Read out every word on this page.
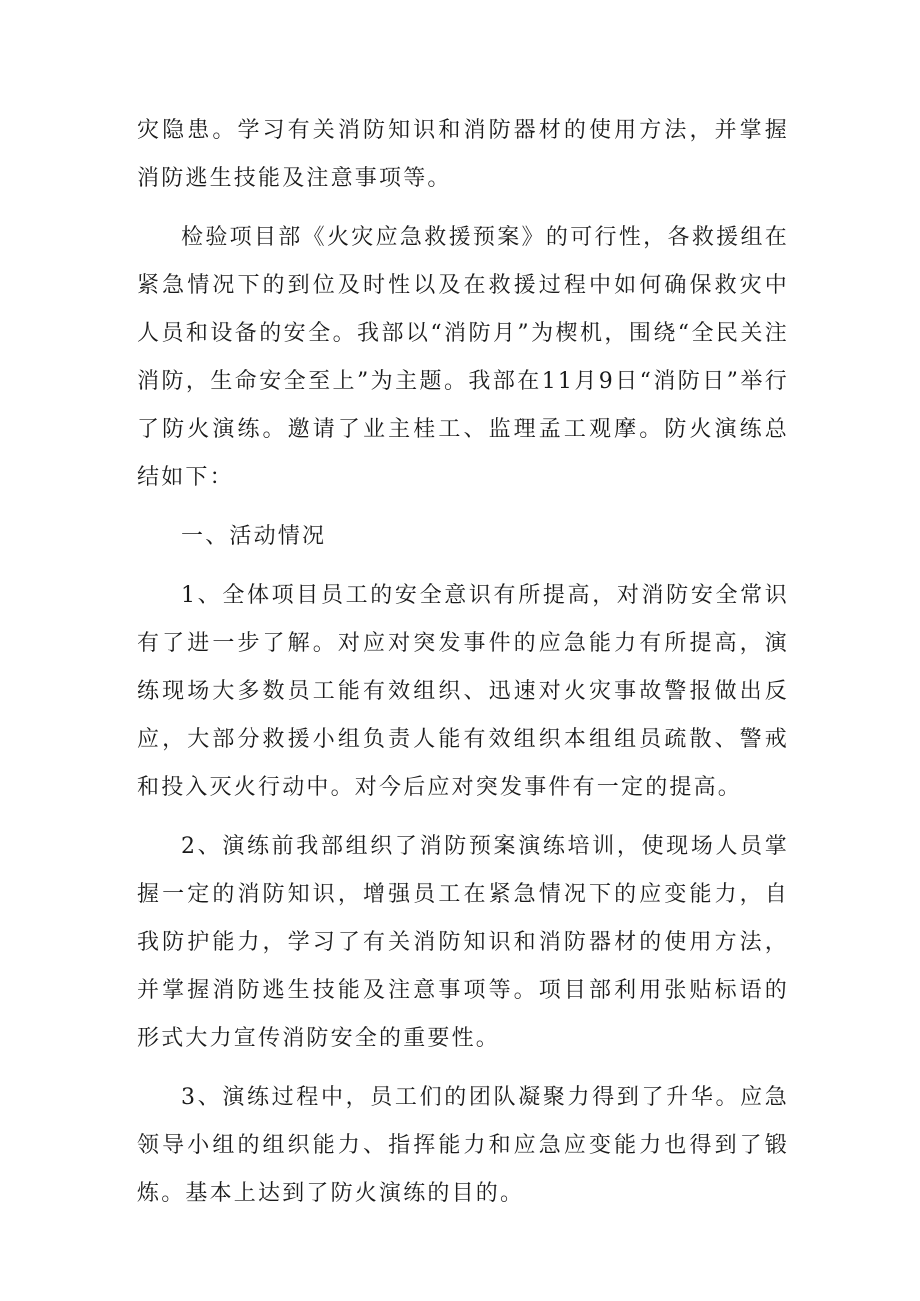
灾隐患。学习有关消防知识和消防器材的使用方法，并掌握消防逃生技能及注意事项等。

检验项目部《火灾应急救援预案》的可行性，各救援组在紧急情况下的到位及时性以及在救援过程中如何确保救灾中人员和设备的安全。我部以“消防月”为楔机，围绕“全民关注消防，生命安全至上”为主题。我部在11月9日“消防日”举行了防火演练。邀请了业主桂工、监理孟工观摩。防火演练总结如下：

一、活动情况

1、全体项目员工的安全意识有所提高，对消防安全常识有了进一步了解。对应对突发事件的应急能力有所提高，演练现场大多数员工能有效组织、迅速对火灾事故警报做出反应，大部分救援小组负责人能有效组织本组组员疏散、警戒和投入灭火行动中。对今后应对突发事件有一定的提高。

2、演练前我部组织了消防预案演练培训，使现场人员掌握一定的消防知识，增强员工在紧急情况下的应变能力，自我防护能力，学习了有关消防知识和消防器材的使用方法，并掌握消防逃生技能及注意事项等。项目部利用张贴标语的形式大力宣传消防安全的重要性。

3、演练过程中，员工们的团队凝聚力得到了升华。应急领导小组的组织能力、指挥能力和应急应变能力也得到了锻炼。基本上达到了防火演练的目的。
